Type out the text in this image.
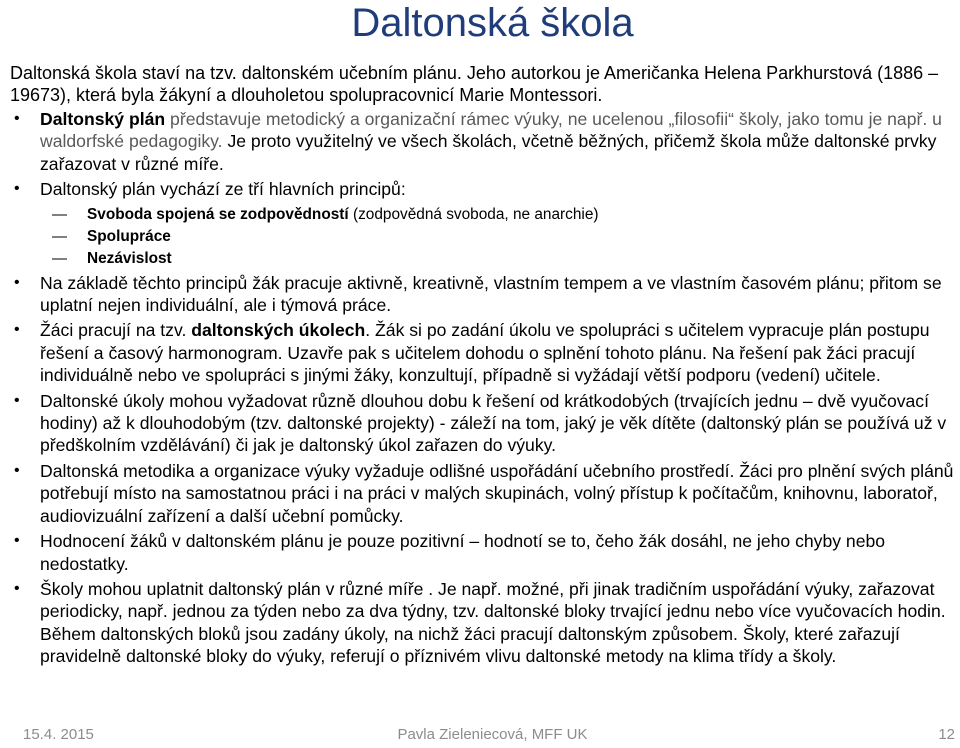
Daltonská škola

Daltonská škola staví na tzv. daltonském učebním plánu. Jeho autorkou je Američanka Helena Parkhurstová (1886 – 19673), která byla žákyní a dlouholetou spolupracovnicí Marie Montessori.

• Daltonský plán představuje metodický a organizační rámec výuky, ne ucelenou „filosofii“ školy, jako tomu je např. u waldorfské pedagogiky. Je proto využitelný ve všech školách, včetně běžných, přičemž škola může daltonské prvky zařazovat v různé míře.
• Daltonský plán vychází ze tří hlavních principů:
— Svoboda spojená se zodpovědností (zodpovědná svoboda, ne anarchie)
— Spolupráce
— Nezávislost
• Na základě těchto principů žák pracuje aktivně, kreativně, vlastním tempem a ve vlastním časovém plánu; přitom se uplatní nejen individuální, ale i týmová práce.
• Žáci pracují na tzv. daltonských úkolech. Žák si po zadání úkolu ve spolupráci s učitelem vypracuje plán postupu řešení a časový harmonogram. Uzavře pak s učitelem dohodu o splnění tohoto plánu. Na řešení pak žáci pracují individuálně nebo ve spolupráci s jinými žáky, konzultují, případně si vyžádají větší podporu (vedení) učitele.
• Daltonské úkoly mohou vyžadovat různě dlouhou dobu k řešení od krátkodobých (trvajících jednu – dvě vyučovací hodiny) až k dlouhodobým (tzv. daltonské projekty) - záleží na tom, jaký je věk dítěte (daltonský plán se používá už v předškolním vzdělávání) či jak je daltonský úkol zařazen do výuky.
• Daltonská metodika a organizace výuky vyžaduje odlišné uspořádání učebního prostředí. Žáci pro plnění svých plánů potřebují místo na samostatnou práci i na práci v malých skupinách, volný přístup k počítačům, knihovnu, laboratoř, audiovizuální zařízení a další učební pomůcky.
• Hodnocení žáků v daltonském plánu je pouze pozitivní – hodnotí se to, čeho žák dosáhl, ne jeho chyby nebo nedostatky.
• Školy mohou uplatnit daltonský plán v různé míře . Je např. možné, při jinak tradičním uspořádání výuky, zařazovat periodicky, např. jednou za týden nebo za dva týdny, tzv. daltonské bloky trvající jednu nebo více vyučovacích hodin. Během daltonských bloků jsou zadány úkoly, na nichž žáci pracují daltonským způsobem. Školy, které zařazují pravidelně daltonské bloky do výuky, referují o příznivém vlivu daltonské metody na klima třídy a školy.
15.4. 2015	Pavla Zieleniecová, MFF UK	12
